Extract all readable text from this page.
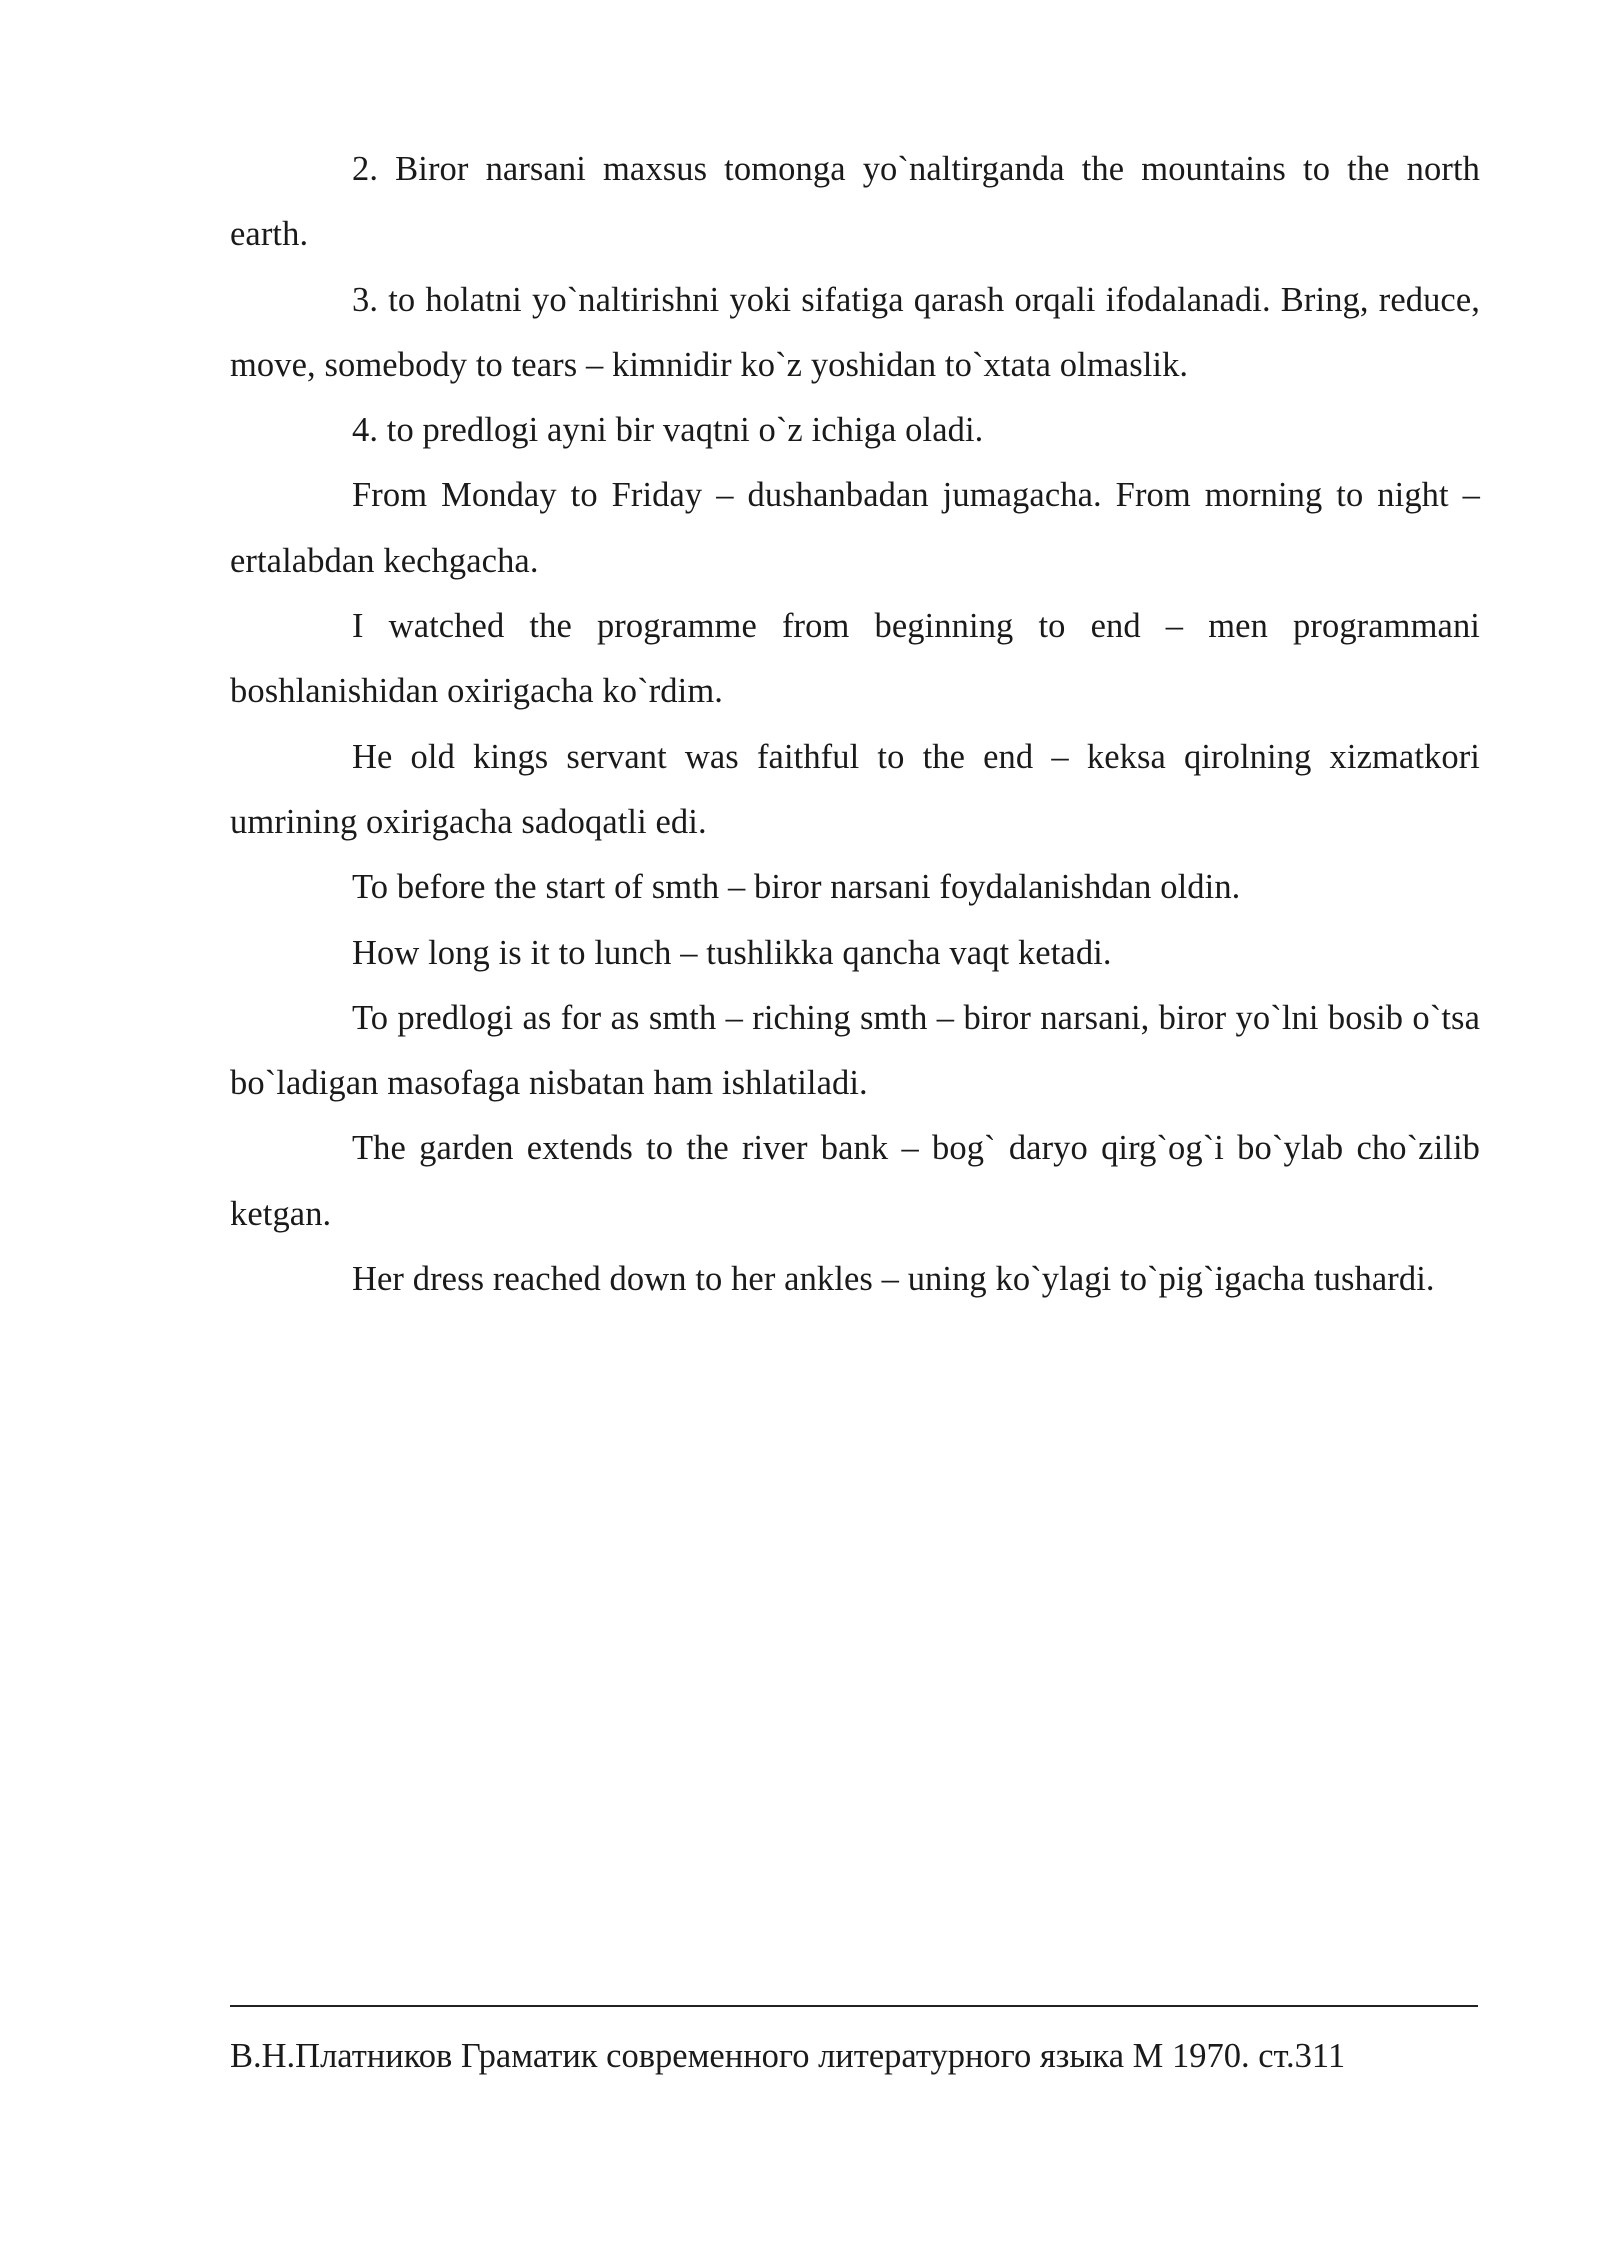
2. Biror narsani maxsus tomonga yo`naltirganda the mountains to the north earth.

3. to holatni yo`naltirishni yoki sifatiga qarash orqali ifodalanadi. Bring, reduce, move, somebody to tears – kimnidir ko`z yoshidan to`xtata olmaslik.

4. to predlogi ayni bir vaqtni o`z ichiga oladi.

From Monday to Friday – dushanbadan jumagacha. From morning to night – ertalabdan kechgacha.

I watched the programme from beginning to end – men programmani boshlanishidan oxirigacha ko`rdim.

He old kings servant was faithful to the end – keksa qirolning xizmatkori umrining oxirigacha sadoqatli edi.

To before the start of smth – biror narsani foydalanishdan oldin.

How long is it to lunch – tushlikka qancha vaqt ketadi.

To predlogi as for as smth – riching smth – biror narsani, biror yo`lni bosib o`tsa bo`ladigan masofaga nisbatan ham ishlatiladi.

The garden extends to the river bank – bog` daryo qirg`og`i bo`ylab cho`zilib ketgan.

Her dress reached down to her ankles – uning ko`ylagi to`pig`igacha tushardi.

В.Н.Платников Граматик современного литературного языка М 1970. ст.311
